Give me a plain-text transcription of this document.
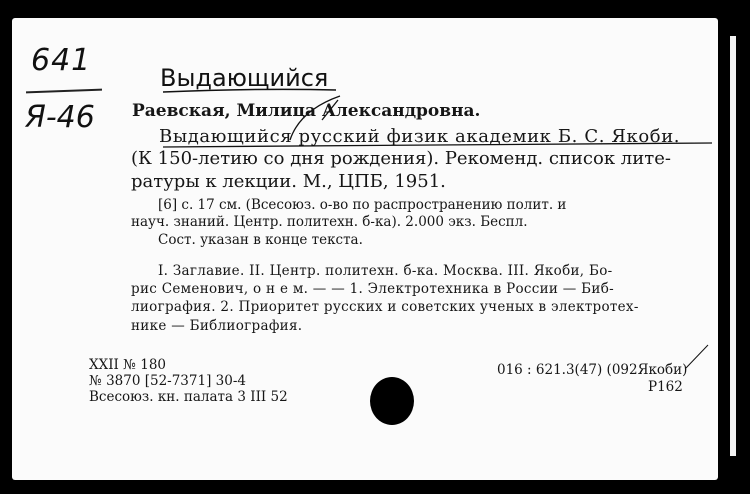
641
Я-46
Выдающийся
Раевская, Милица Александровна.
Выдающийся русский физик академик Б. С. Якоби.
(К 150-летию со дня рождения). Рекоменд. список лите-
ратуры к лекции. М., ЦПБ, 1951.
[6] с. 17 см. (Всесоюз. о-во по распространению полит. и
науч. знаний. Центр. политехн. б-ка). 2.000 экз. Беспл.
Сост. указан в конце текста.
I. Заглавие. II. Центр. политехн. б-ка. Москва. III. Якоби, Бо-
рис Семенович, о н е м. — — 1. Электротехника в России — Биб-
лиография. 2. Приоритет русских и советских ученых в электротех-
нике — Библиография.
XXII № 180
№ 3870 [52-7371] 30-4
Всесоюз. кн. палата 3 III 52
016 : 621.3(47) (092Якоби)
P162
